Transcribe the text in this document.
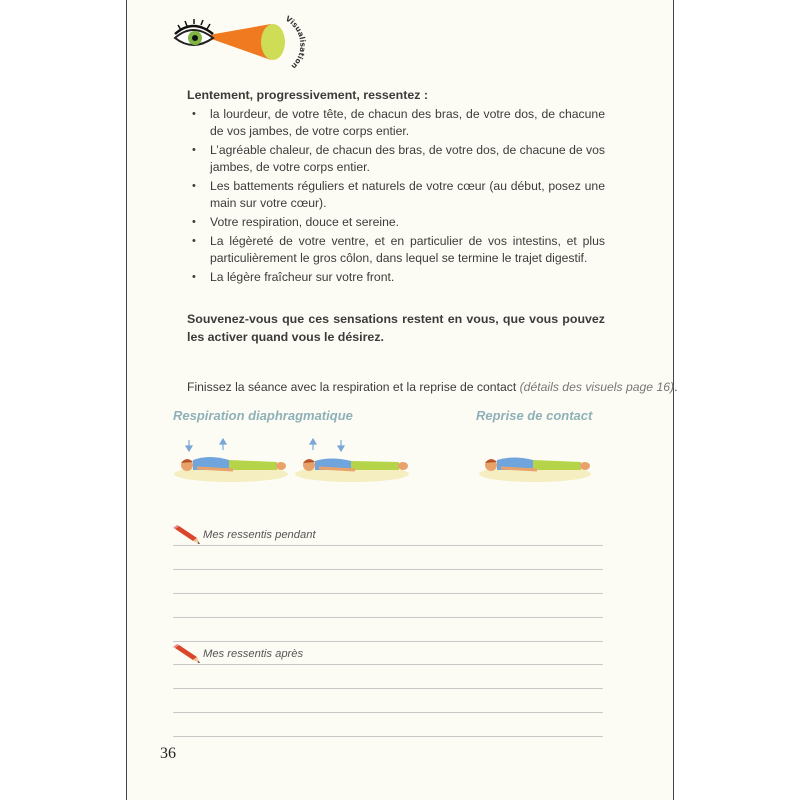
Visualisation

Lentement, progressivement, ressentez :

• la lourdeur, de votre tête, de chacun des bras, de votre dos, de chacune de vos jambes, de votre corps entier.
• L’agréable chaleur, de chacun des bras, de votre dos, de chacune de vos jambes, de votre corps entier.
• Les battements réguliers et naturels de votre cœur (au début, posez une main sur votre cœur).
• Votre respiration, douce et sereine.
• La légèreté de votre ventre, et en particulier de vos intestins, et plus particulièrement le gros côlon, dans lequel se termine le trajet digestif.
• La légère fraîcheur sur votre front.

Souvenez-vous que ces sensations restent en vous, que vous pouvez les activer quand vous le désirez.

Finissez la séance avec la respiration et la reprise de contact (détails des visuels page 16).

Respiration diaphragmatique	Reprise de contact

Mes ressentis pendant
Mes ressentis après
36
